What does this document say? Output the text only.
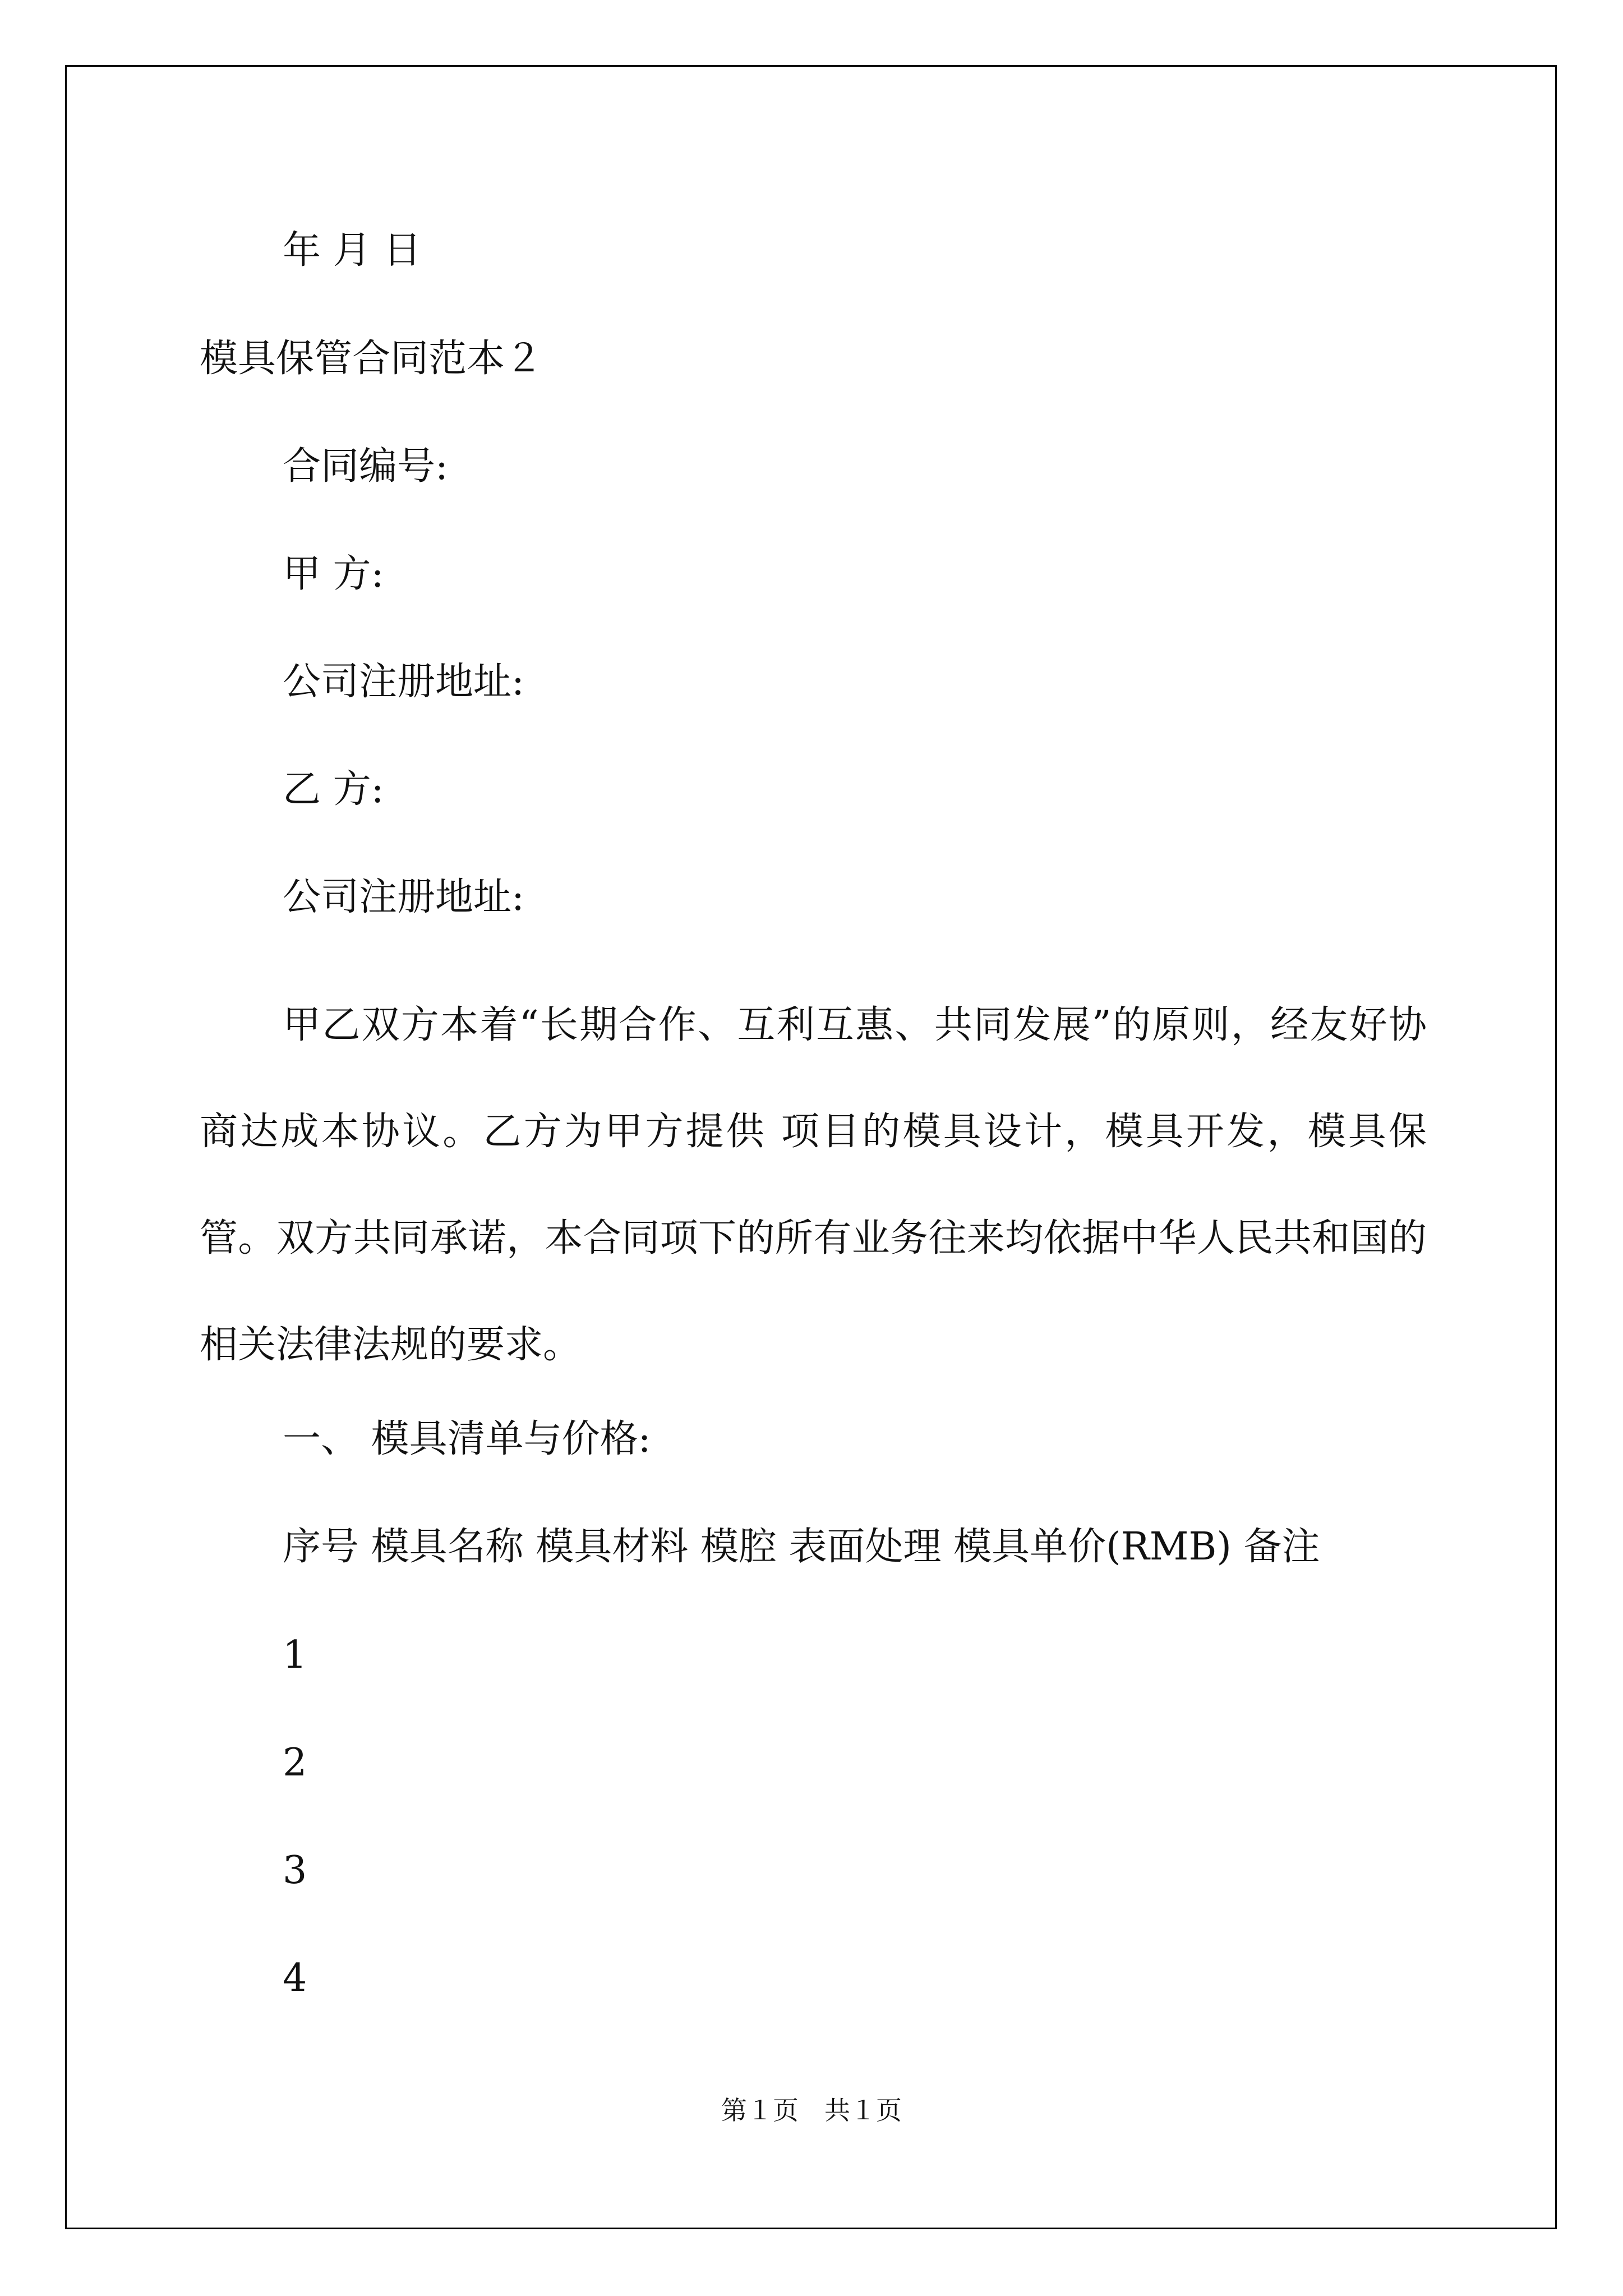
年 月 日

模具保管合同范本２

合同编号:

甲 方:

公司注册地址:

乙 方:

公司注册地址:

甲乙双方本着“长期合作、互利互惠、共同发展”的原则，经友好协商达成本协议。乙方为甲方提供 项目的模具设计，模具开发，模具保管。双方共同承诺，本合同项下的所有业务往来均依据中华人民共和国的相关法律法规的要求。

一、 模具清单与价格:

序号 模具名称 模具材料 模腔 表面处理 模具单价(RMB) 备注

1

2

3

4

第１页    共１页
